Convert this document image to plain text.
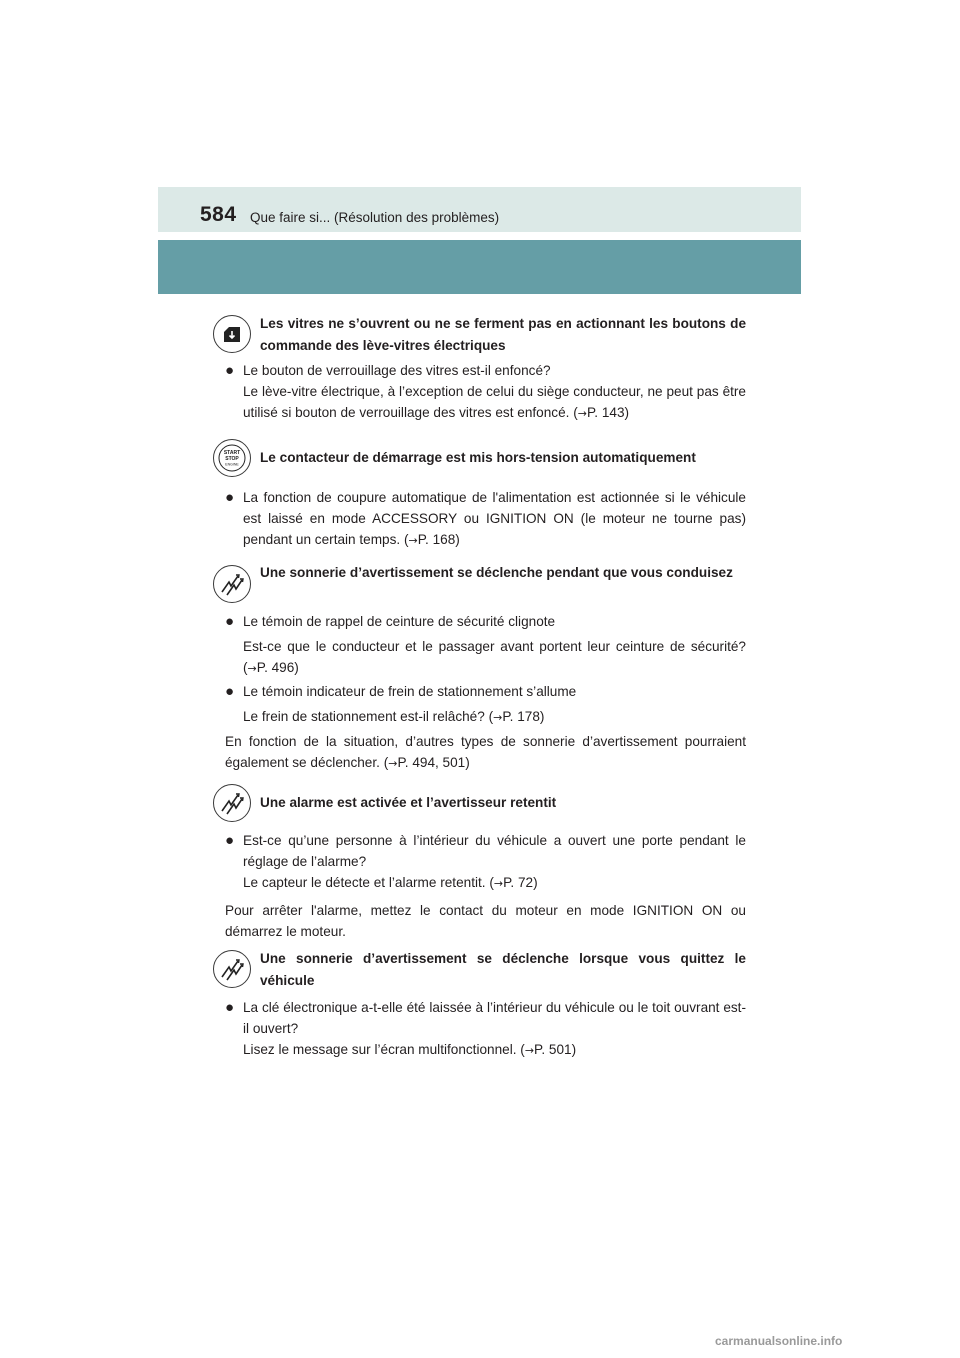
584 Que faire si... (Résolution des problèmes)
Les vitres ne s’ouvrent ou ne se ferment pas en actionnant les boutons de commande des lève-vitres électriques
● Le bouton de verrouillage des vitres est-il enfoncé?
Le lève-vitre électrique, à l’exception de celui du siège conducteur, ne peut pas être utilisé si bouton de verrouillage des vitres est enfoncé. (→P. 143)
START
STOP
ENGINE Le contacteur de démarrage est mis hors-tension automatiquement
● La fonction de coupure automatique de l'alimentation est actionnée si le véhicule est laissé en mode ACCESSORY ou IGNITION ON (le moteur ne tourne pas) pendant un certain temps. (→P. 168)
Une sonnerie d’avertissement se déclenche pendant que vous conduisez
● Le témoin de rappel de ceinture de sécurité clignote
Est-ce que le conducteur et le passager avant portent leur ceinture de sécurité? (→P. 496)
● Le témoin indicateur de frein de stationnement s’allume
Le frein de stationnement est-il relâché? (→P. 178)
En fonction de la situation, d’autres types de sonnerie d’avertissement pourraient également se déclencher. (→P. 494, 501)
Une alarme est activée et l’avertisseur retentit
● Est-ce qu’une personne à l’intérieur du véhicule a ouvert une porte pendant le réglage de l’alarme?
Le capteur le détecte et l’alarme retentit. (→P. 72)
Pour arrêter l'alarme, mettez le contact du moteur en mode IGNITION ON ou démarrez le moteur.
Une sonnerie d’avertissement se déclenche lorsque vous quittez le véhicule
● La clé électronique a-t-elle été laissée à l’intérieur du véhicule ou le toit ouvrant est-il ouvert?
Lisez le message sur l’écran multifonctionnel. (→P. 501)
carmanualsonline.info
